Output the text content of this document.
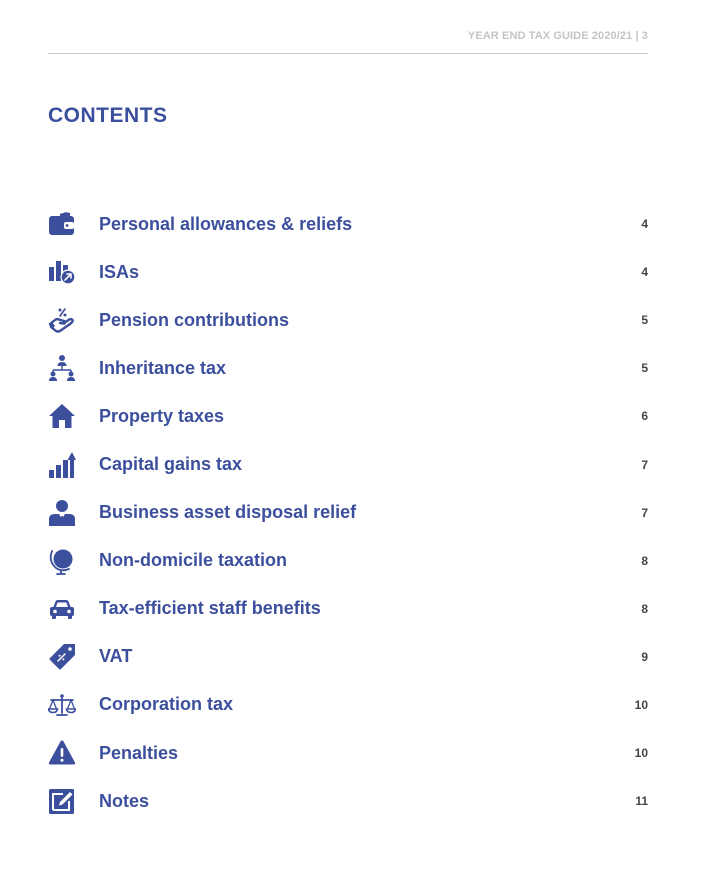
YEAR END TAX GUIDE 2020/21 | 3
CONTENTS
Personal allowances & reliefs	4
ISAs	4
Pension contributions	5
Inheritance tax	5
Property taxes	6
Capital gains tax	7
Business asset disposal relief	7
Non-domicile taxation	8
Tax-efficient staff benefits	8
VAT	9
Corporation tax	10
Penalties	10
Notes	11
